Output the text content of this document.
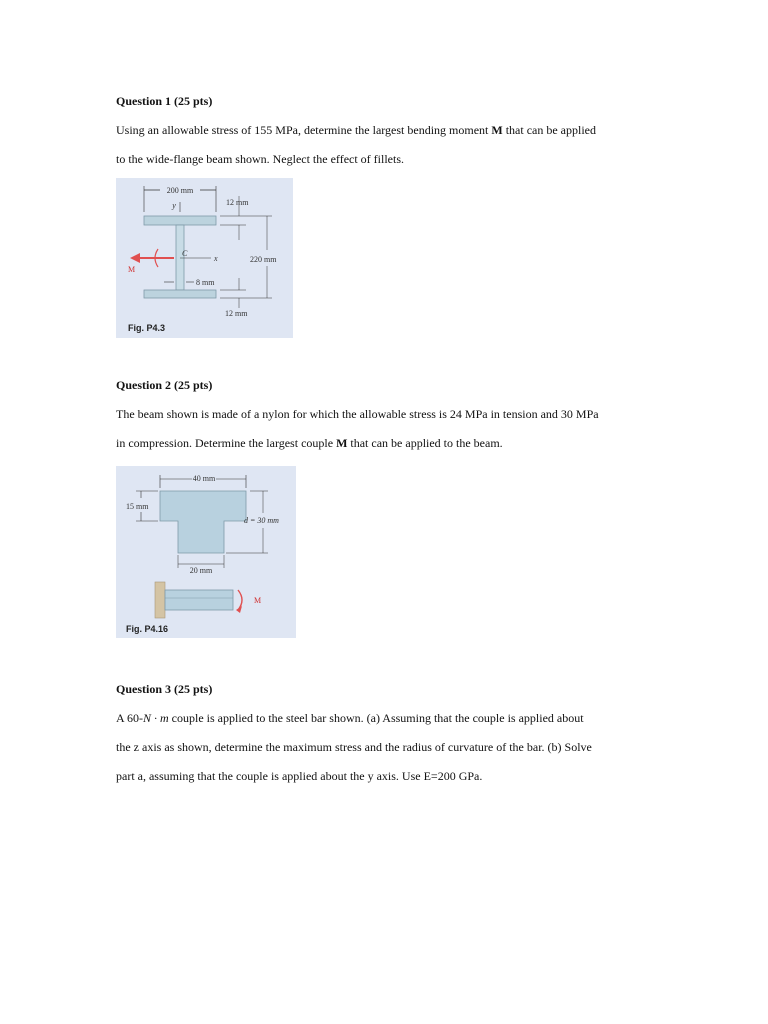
Question 1 (25 pts)
Using an allowable stress of 155 MPa, determine the largest bending moment M that can be applied
to the wide-flange beam shown. Neglect the effect of fillets.
200 mm
y
C
x
M
8 mm
12 mm
220 mm
12 mm
Fig. P4.3
Question 2 (25 pts)
The beam shown is made of a nylon for which the allowable stress is 24 MPa in tension and 30 MPa
in compression. Determine the largest couple M that can be applied to the beam.
40 mm
15 mm
d = 30 mm
20 mm
M
Fig. P4.16
Question 3 (25 pts)
A 60-N · m couple is applied to the steel bar shown. (a) Assuming that the couple is applied about
the z axis as shown, determine the maximum stress and the radius of curvature of the bar. (b) Solve
part a, assuming that the couple is applied about the y axis. Use E=200 GPa.
